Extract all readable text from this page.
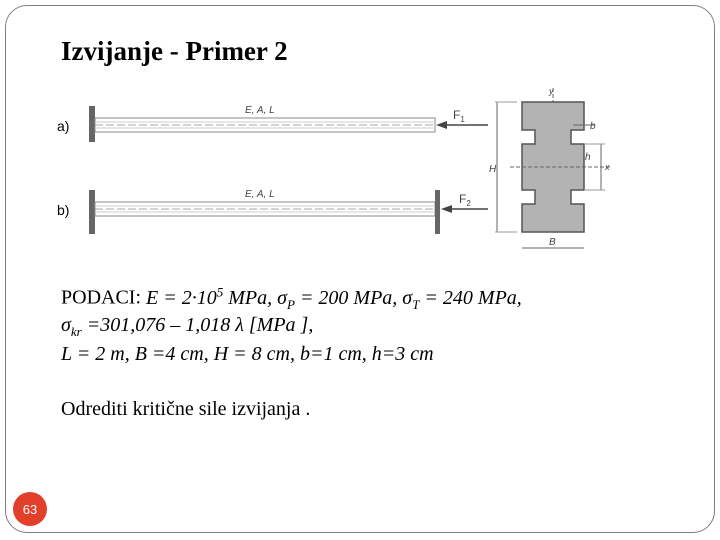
Izvijanje - Primer 2
a)
E, A, L	$F_1$
b)
E, A, L	$F_2$
y
x
H
B
b
h
PODACI: $E = 2\cdot 10^5$ MPa, $\sigma_P = 200$ MPa, $\sigma_T = 240$ MPa,
$\sigma_{kr} =301,076 - 1,018$ λ [MPa ],
L = 2 m, B =4 cm, H = 8 cm, b=1 cm, h=3 cm
Odrediti kritične sile izvijanja .
63
